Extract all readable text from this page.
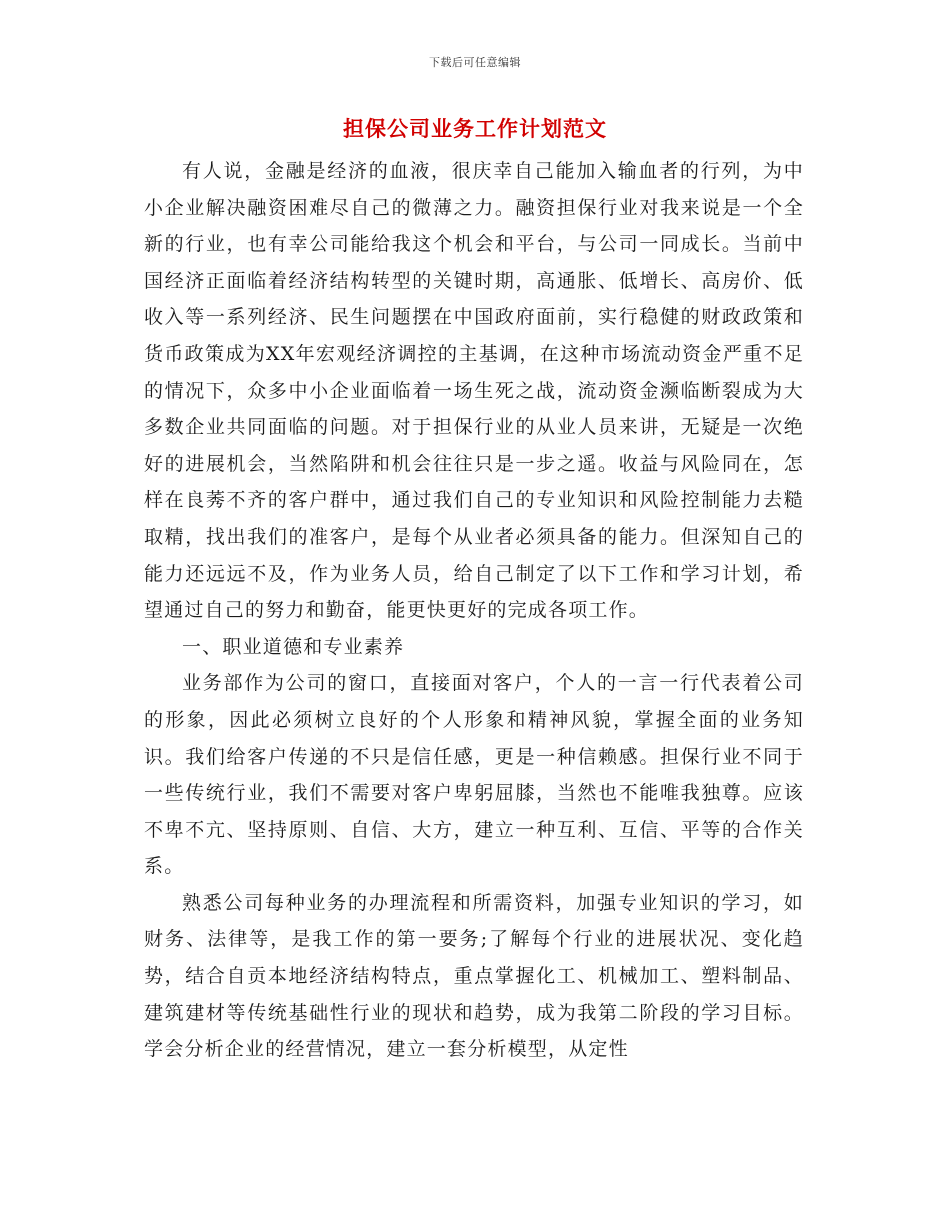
下载后可任意编辑
担保公司业务工作计划范文

有人说，金融是经济的血液，很庆幸自己能加入输血者的行列，为中小企业解决融资困难尽自己的微薄之力。融资担保行业对我来说是一个全新的行业，也有幸公司能给我这个机会和平台，与公司一同成长。当前中国经济正面临着经济结构转型的关键时期，高通胀、低增长、高房价、低收入等一系列经济、民生问题摆在中国政府面前，实行稳健的财政政策和货币政策成为XX年宏观经济调控的主基调，在这种市场流动资金严重不足的情况下，众多中小企业面临着一场生死之战，流动资金濒临断裂成为大多数企业共同面临的问题。对于担保行业的从业人员来讲，无疑是一次绝好的进展机会，当然陷阱和机会往往只是一步之遥。收益与风险同在，怎样在良莠不齐的客户群中，通过我们自己的专业知识和风险控制能力去糙取精，找出我们的准客户，是每个从业者必须具备的能力。但深知自己的能力还远远不及，作为业务人员，给自己制定了以下工作和学习计划，希望通过自己的努力和勤奋，能更快更好的完成各项工作。

一、职业道德和专业素养

业务部作为公司的窗口，直接面对客户，个人的一言一行代表着公司的形象，因此必须树立良好的个人形象和精神风貌，掌握全面的业务知识。我们给客户传递的不只是信任感，更是一种信赖感。担保行业不同于一些传统行业，我们不需要对客户卑躬屈膝，当然也不能唯我独尊。应该不卑不亢、坚持原则、自信、大方，建立一种互利、互信、平等的合作关系。

熟悉公司每种业务的办理流程和所需资料，加强专业知识的学习，如财务、法律等，是我工作的第一要务;了解每个行业的进展状况、变化趋势，结合自贡本地经济结构特点，重点掌握化工、机械加工、塑料制品、建筑建材等传统基础性行业的现状和趋势，成为我第二阶段的学习目标。学会分析企业的经营情况，建立一套分析模型，从定性
